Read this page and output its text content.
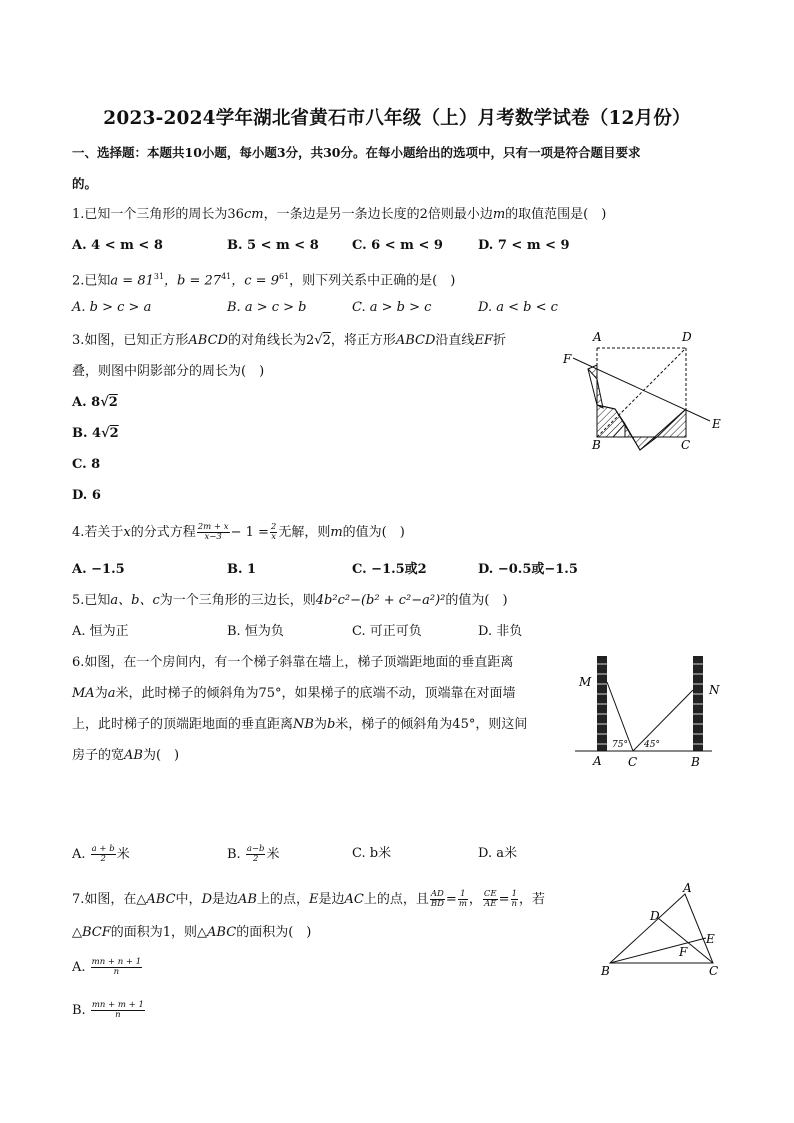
2023-2024学年湖北省黄石市八年级（上）月考数学试卷（12月份）
一、选择题：本题共10小题，每小题3分，共30分。在每小题给出的选项中，只有一项是符合题目要求
的。
1.已知一个三角形的周长为36cm，一条边是另一条边长度的2倍则最小边m的取值范围是(　)
A. 4 < m < 8	B. 5 < m < 8	C. 6 < m < 9	D. 7 < m < 9
2.已知$a = 81^{31}$，$b = 27^{41}$，$c = 9^{61}$，则下列关系中正确的是(　)
A. b > c > a	B. a > c > b	C. a > b > c	D. a < b < c
3.如图，已知正方形ABCD的对角线长为2√2，将正方形ABCD沿直线EF折
叠，则图中阴影部分的周长为(　)
A. 8√2
B. 4√2
C. 8
D. 6
A	D
F
E
B	C
4.若关于x的分式方程 $\frac{2m + x}{x-3} - 1 = \frac{2}{x}$ 无解，则m的值为(　)
A. −1.5	B. 1	C. −1.5或2	D. −0.5或−1.5
5.已知a、b、c为一个三角形的三边长，则4b²c²−(b² + c²−a²)²的值为(　)
A. 恒为正	B. 恒为负	C. 可正可负	D. 非负
6.如图，在一个房间内，有一个梯子斜靠在墙上，梯子顶端距地面的垂直距离
MA为a米，此时梯子的倾斜角为75°，如果梯子的底端不动，顶端靠在对面墙
上，此时梯子的顶端距地面的垂直距离NB为b米，梯子的倾斜角为45°，则这间
房子的宽AB为(　)
A. $\frac{a + b}{2}$ 米	B. $\frac{a-b}{2}$ 米	C. b米	D. a米
M
N
A C	B
75° 45°
7.如图，在△ABC中，D是边AB上的点，E是边AC上的点，且 $\frac{AD}{BD} = \frac{1}{m}$ ， $\frac{CE}{AE} = \frac{1}{n}$ ，若
△BCF的面积为1，则△ABC的面积为(　)
A. $\frac{mn + n + 1}{n}$
B. $\frac{mn + m + 1}{n}$
A
D
E
F
B	C
